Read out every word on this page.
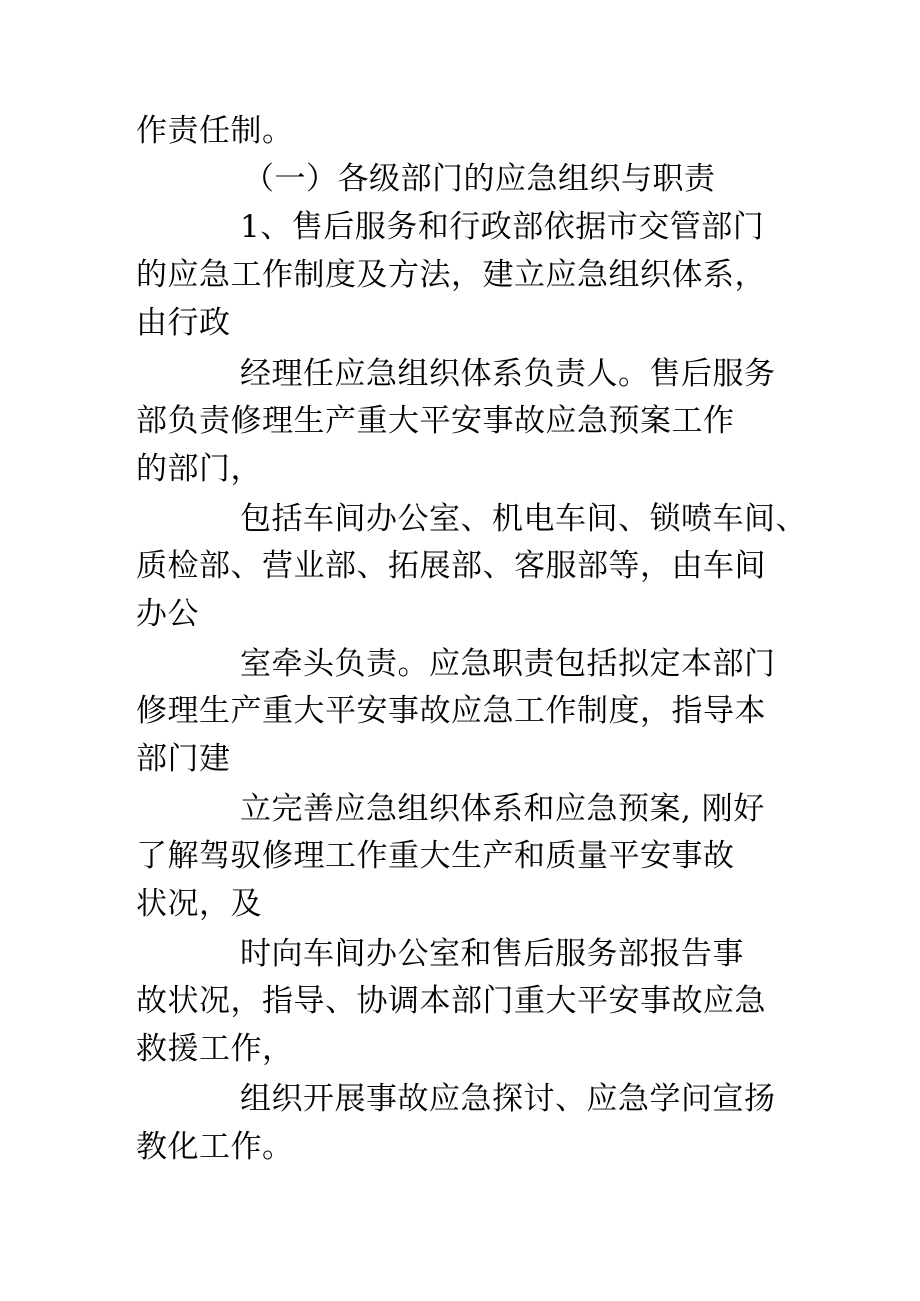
作责任制。
（一）各级部门的应急组织与职责
1、售后服务和行政部依据市交管部门
的应急工作制度及方法，建立应急组织体系，
由行政
经理任应急组织体系负责人。售后服务
部负责修理生产重大平安事故应急预案工作
的部门，
包括车间办公室、机电车间、锁喷车间、
质检部、营业部、拓展部、客服部等，由车间
办公
室牵头负责。应急职责包括拟定本部门
修理生产重大平安事故应急工作制度，指导本
部门建
立完善应急组织体系和应急预案, 刚好
了解驾驭修理工作重大生产和质量平安事故
状况，及
时向车间办公室和售后服务部报告事
故状况，指导、协调本部门重大平安事故应急
救援工作，
组织开展事故应急探讨、应急学问宣扬
教化工作。
